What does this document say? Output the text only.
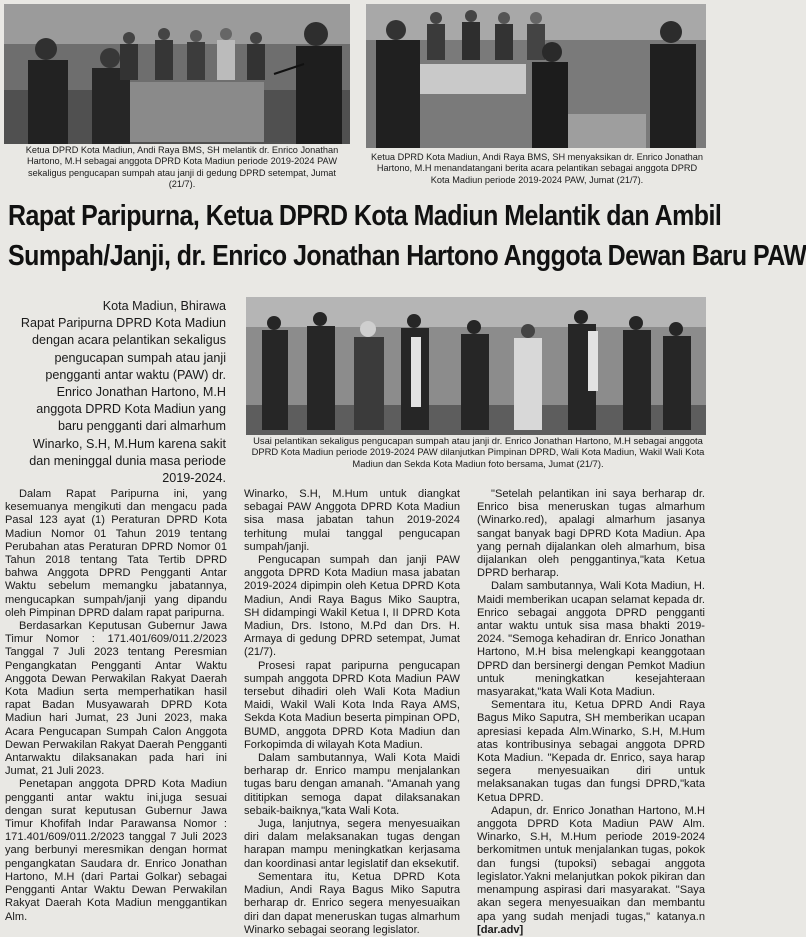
Ketua DPRD Kota Madiun, Andi Raya BMS, SH melantik dr. Enrico Jonathan Hartono, M.H sebagai anggota DPRD Kota Madiun periode 2019-2024 PAW sekaligus pengucapan sumpah atau janji di gedung DPRD setempat, Jumat (21/7).
Ketua DPRD Kota Madiun, Andi Raya BMS, SH menyaksikan dr. Enrico Jonathan Hartono, M.H menandatangani berita acara pelantikan sebagai anggota DPRD Kota Madiun periode 2019-2024 PAW, Jumat (21/7).
Rapat Paripurna, Ketua DPRD Kota Madiun Melantik dan Ambil
Sumpah/Janji, dr. Enrico Jonathan Hartono Anggota Dewan Baru PAW
Kota Madiun, Bhirawa
Rapat Paripurna DPRD Kota Madiun
dengan acara pelantikan sekaligus
pengucapan sumpah atau janji
pengganti antar waktu (PAW) dr.
Enrico Jonathan Hartono, M.H
anggota DPRD Kota Madiun yang
baru pengganti dari almarhum
Winarko, S.H, M.Hum karena sakit
dan meninggal dunia masa periode
2019-2024.
Usai pelantikan sekaligus pengucapan sumpah atau janji dr. Enrico Jonathan Hartono, M.H sebagai anggota DPRD Kota Madiun periode 2019-2024 PAW dilanjutkan Pimpinan DPRD, Wali Kota Madiun, Wakil Wali Kota Madiun dan Sekda Kota Madiun foto bersama, Jumat (21/7).

Dalam Rapat Paripurna ini, yang kesemuanya mengikuti dan mengacu pada Pasal 123 ayat (1) Peraturan DPRD Kota Madiun Nomor 01 Tahun 2019 tentang Perubahan atas Peraturan DPRD Nomor 01 Tahun 2018 tentang Tata Tertib DPRD bahwa Anggota DPRD Pengganti Antar Waktu sebelum memangku jabatannya, mengucapkan sumpah/janji yang dipandu oleh Pimpinan DPRD dalam rapat paripurna.

Berdasarkan Keputusan Gubernur Jawa Timur Nomor : 171.401/609/011.2/2023 Tanggal 7 Juli 2023 tentang Peresmian Pengangkatan Pengganti Antar Waktu Anggota Dewan Perwakilan Rakyat Daerah Kota Madiun serta memperhatikan hasil rapat Badan Musyawarah DPRD Kota Madiun hari Jumat, 23 Juni 2023, maka Acara Pengucapan Sumpah Calon Anggota Dewan Perwakilan Rakyat Daerah Pengganti Antarwaktu dilaksanakan pada hari ini Jumat, 21 Juli 2023.

Penetapan anggota DPRD Kota Madiun pengganti antar waktu ini,juga sesuai dengan surat keputusan Gubernur Jawa Timur Khofifah Indar Parawansa Nomor : 171.401/609/011.2/2023 tanggal 7 Juli 2023 yang berbunyi meresmikan dengan hormat pengangkatan Saudara dr. Enrico Jonathan Hartono, M.H (dari Partai Golkar) sebagai Pengganti Antar Waktu Dewan Perwakilan Rakyat Daerah Kota Madiun menggantikan Alm.

Winarko, S.H, M.Hum untuk diangkat sebagai PAW Anggota DPRD Kota Madiun sisa masa jabatan tahun 2019-2024 terhitung mulai tanggal pengucapan sumpah/janji.

Pengucapan sumpah dan janji PAW anggota DPRD Kota Madiun masa jabatan 2019-2024 dipimpin oleh Ketua DPRD Kota Madiun, Andi Raya Bagus Miko Sauptra, SH didampingi Wakil Ketua I, II DPRD Kota Madiun, Drs. Istono, M.Pd dan Drs. H. Armaya di gedung DPRD setempat, Jumat (21/7).

Prosesi rapat paripurna pengucapan sumpah anggota DPRD Kota Madiun PAW tersebut dihadiri oleh Wali Kota Madiun Maidi, Wakil Wali Kota Inda Raya AMS, Sekda Kota Madiun beserta pimpinan OPD, BUMD, anggota DPRD Kota Madiun dan Forkopimda di wilayah Kota Madiun.

Dalam sambutannya, Wali Kota Maidi berharap dr. Enrico mampu menjalankan tugas baru dengan amanah. "Amanah yang dititipkan semoga dapat dilaksanakan sebaik-baiknya,"kata Wali Kota.

Juga, lanjutnya, segera menyesuaikan diri dalam melaksanakan tugas dengan harapan mampu meningkatkan kerjasama dan koordinasi antar legislatif dan eksekutif.

Sementara itu, Ketua DPRD Kota Madiun, Andi Raya Bagus Miko Saputra berharap dr. Enrico segera menyesuaikan diri dan dapat meneruskan tugas almarhum Winarko sebagai seorang legislator.

"Setelah pelantikan ini saya berharap dr. Enrico bisa meneruskan tugas almarhum (Winarko.red), apalagi almarhum jasanya sangat banyak bagi DPRD Kota Madiun. Apa yang pernah dijalankan oleh almarhum, bisa dijalankan oleh penggantinya,"kata Ketua DPRD berharap.

Dalam sambutannya, Wali Kota Madiun, H. Maidi memberikan ucapan selamat kepada dr. Enrico sebagai anggota DPRD pengganti antar waktu untuk sisa masa bhakti 2019-2024. "Semoga kehadiran dr. Enrico Jonathan Hartono, M.H bisa melengkapi keanggotaan DPRD dan bersinergi dengan Pemkot Madiun untuk meningkatkan kesejahteraan masyarakat,"kata Wali Kota Madiun.

Sementara itu, Ketua DPRD Andi Raya Bagus Miko Saputra, SH memberikan ucapan apresiasi kepada Alm.Winarko, S.H, M.Hum atas kontribusinya sebagai anggota DPRD Kota Madiun. "Kepada dr. Enrico, saya harap segera menyesuaikan diri untuk melaksanakan tugas dan fungsi DPRD,"kata Ketua DPRD.

Adapun, dr. Enrico Jonathan Hartono, M.H anggota DPRD Kota Madiun PAW Alm. Winarko, S.H, M.Hum periode 2019-2024 berkomitmen untuk menjalankan tugas, pokok dan fungsi (tupoksi) sebagai anggota legislator.Yakni melanjutkan pokok pikiran dan menampung aspirasi dari masyarakat. "Saya akan segera menyesuaikan dan membantu apa yang sudah menjadi tugas," katanya.n [dar.adv]
